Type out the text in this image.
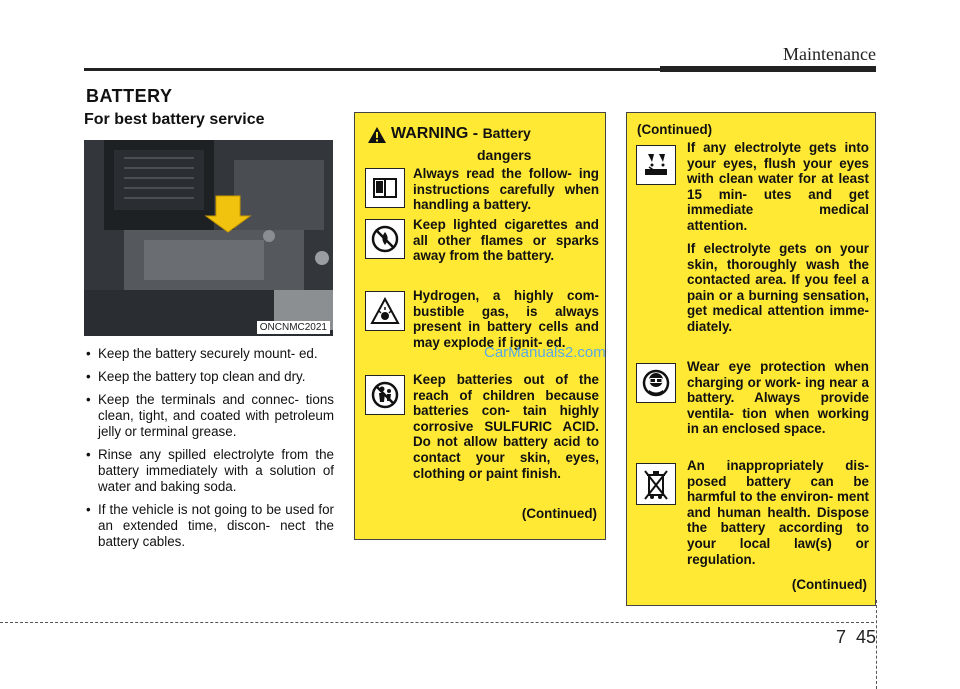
Maintenance
BATTERY
For best battery service
ONCNMC2021
• Keep the battery securely mount- ed.
• Keep the battery top clean and dry.
• Keep the terminals and connec- tions clean, tight, and coated with petroleum jelly or terminal grease.
• Rinse any spilled electrolyte from the battery immediately with a solution of water and baking soda.
• If the vehicle is not going to be used for an extended time, discon- nect the battery cables.
WARNING - Battery
dangers
Always read the follow- ing instructions carefully when handling a battery.
Keep lighted cigarettes and all other flames or sparks away from the battery.
Hydrogen, a highly com- bustible gas, is always present in battery cells and may explode if ignit- ed.
Keep batteries out of the reach of children because batteries con- tain highly corrosive SULFURIC ACID. Do not allow battery acid to contact your skin, eyes, clothing or paint finish.
(Continued)
(Continued)
If any electrolyte gets into your eyes, flush your eyes with clean water for at least 15 min- utes and get immediate medical attention.
If electrolyte gets on your skin, thoroughly wash the contacted area. If you feel a pain or a burning sensation, get medical attention imme- diately.
Wear eye protection when charging or work- ing near a battery. Always provide ventila- tion when working in an enclosed space.
An inappropriately dis- posed battery can be harmful to the environ- ment and human health. Dispose the battery according to your local law(s) or regulation.
(Continued)
CarManuals2.com
7 45
